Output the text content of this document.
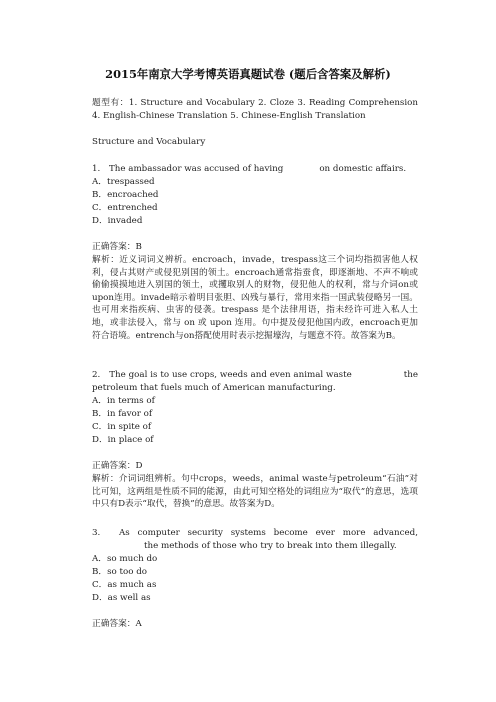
2015年南京大学考博英语真题试卷 (题后含答案及解析)

题型有：1. Structure and Vocabulary 2. Cloze 3. Reading Comprehension 4. English-Chinese Translation 5. Chinese-English Translation

Structure and Vocabulary
1.　The ambassador was accused of having	on domestic affairs.
A．trespassed
B．encroached
C．entrenched
D．invaded
正确答案：B

解析：近义词词义辨析。encroach，invade，trespass这三个词均指损害他人权利，侵占其财产或侵犯别国的领土。encroach通常指蚕食，即逐渐地、不声不响或偷偷摸摸地进入别国的领土，或攫取别人的财物，侵犯他人的权利，常与介词on或upon连用。invade暗示着明目张胆、凶残与暴行，常用来指一国武装侵略另一国。也可用来指疾病、虫害的侵袭。trespass 是个法律用语，指未经许可进入私人土地，或非法侵入，常与 on 或 upon 连用。句中提及侵犯他国内政，encroach更加符合语境。entrench与on搭配使用时表示挖掘壕沟，与题意不符。故答案为B。

2.　The goal is to use crops, weeds and even animal waste	the petroleum that fuels much of American manufacturing.

A．in terms of
B．in favor of
C．in spite of
D．in place of
正确答案：D

解析：介词词组辨析。句中crops，weeds，animal waste与petroleum“石油”对比可知，这两组是性质不同的能源，由此可知空格处的词组应为“取代”的意思，选项中只有D表示“取代，替换”的意思。故答案为D。

3.　As computer security systems become ever more advanced,the methods of those who try to break into them illegally.

A．so much do
B．so too do
C．as much as
D．as well as
正确答案：A
